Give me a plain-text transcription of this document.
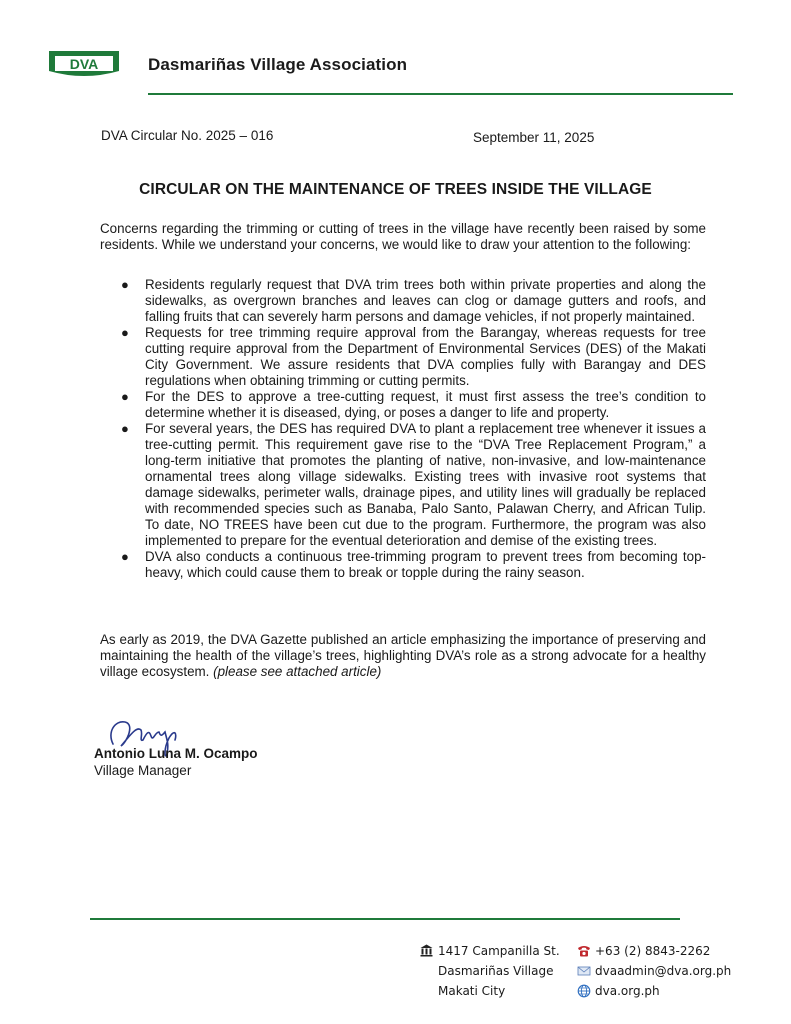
DVA	Dasmariñas Village Association
DVA Circular No. 2025 – 016	September 11, 2025
CIRCULAR ON THE MAINTENANCE OF TREES INSIDE THE VILLAGE
Concerns regarding the trimming or cutting of trees in the village have recently been raised by some residents. While we understand your concerns, we would like to draw your attention to the following:
● Residents regularly request that DVA trim trees both within private properties and along the sidewalks, as overgrown branches and leaves can clog or damage gutters and roofs, and falling fruits that can severely harm persons and damage vehicles, if not properly maintained.
● Requests for tree trimming require approval from the Barangay, whereas requests for tree cutting require approval from the Department of Environmental Services (DES) of the Makati City Government. We assure residents that DVA complies fully with Barangay and DES regulations when obtaining trimming or cutting permits.
● For the DES to approve a tree-cutting request, it must first assess the tree’s condition to determine whether it is diseased, dying, or poses a danger to life and property.
● For several years, the DES has required DVA to plant a replacement tree whenever it issues a tree-cutting permit. This requirement gave rise to the “DVA Tree Replacement Program,” a long-term initiative that promotes the planting of native, non-invasive, and low-maintenance ornamental trees along village sidewalks. Existing trees with invasive root systems that damage sidewalks, perimeter walls, drainage pipes, and utility lines will gradually be replaced with recommended species such as Banaba, Palo Santo, Palawan Cherry, and African Tulip. To date, NO TREES have been cut due to the program. Furthermore, the program was also implemented to prepare for the eventual deterioration and demise of the existing trees.
● DVA also conducts a continuous tree-trimming program to prevent trees from becoming top-heavy, which could cause them to break or topple during the rainy season.
As early as 2019, the DVA Gazette published an article emphasizing the importance of preserving and maintaining the health of the village’s trees, highlighting DVA’s role as a strong advocate for a healthy village ecosystem. (please see attached article)
Antonio Luna M. Ocampo
Village Manager
1417 Campanilla St.
Dasmariñas Village
Makati City
+63 (2) 8843-2262
dvaadmin@dva.org.ph
dva.org.ph
